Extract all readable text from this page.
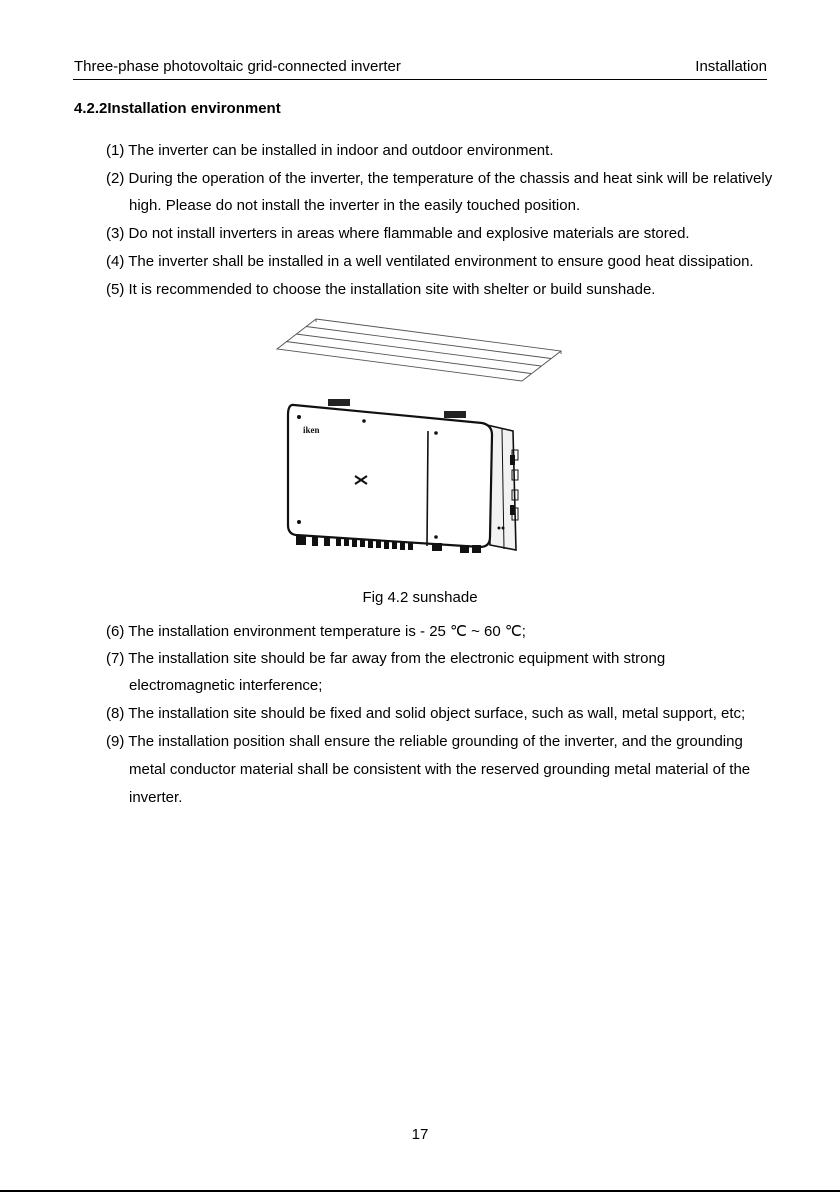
Three-phase photovoltaic grid-connected inverter	Installation
4.2.2Installation environment
(1) The inverter can be installed in indoor and outdoor environment.
(2) During the operation of the inverter, the temperature of the chassis and heat sink will be relatively
high. Please do not install the inverter in the easily touched position.
(3) Do not install inverters in areas where flammable and explosive materials are stored.
(4) The inverter shall be installed in a well ventilated environment to ensure good heat dissipation.
(5) It is recommended to choose the installation site with shelter or build sunshade.
iken
Fig 4.2 sunshade
(6) The installation environment temperature is - 25 ℃ ~ 60 ℃;
(7) The installation site should be far away from the electronic equipment with strong
electromagnetic interference;
(8) The installation site should be fixed and solid object surface, such as wall, metal support, etc;
(9) The installation position shall ensure the reliable grounding of the inverter, and the grounding
metal conductor material shall be consistent with the reserved grounding metal material of the
inverter.
17
